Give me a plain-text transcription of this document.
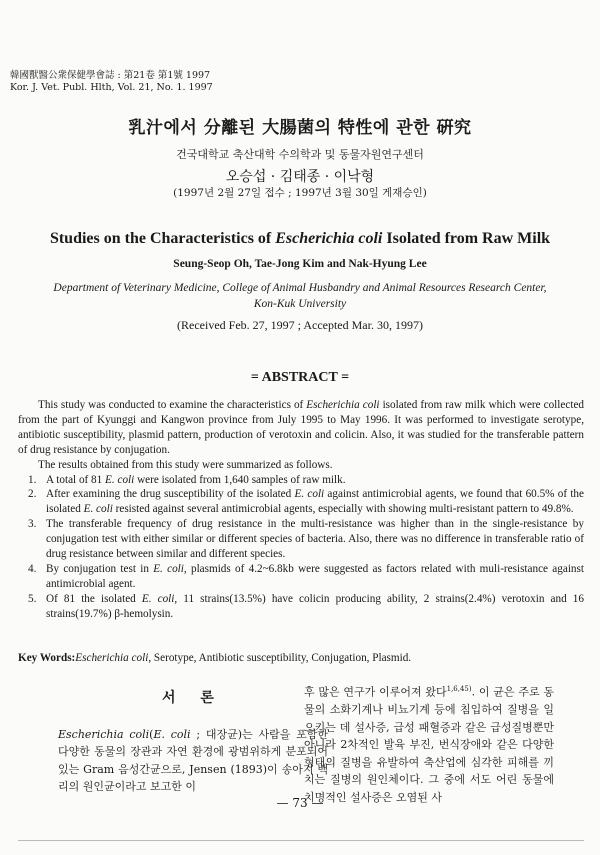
韓國獸醫公衆保健學會誌 : 第21卷 第1號 1997
Kor. J. Vet. Publ. Hlth, Vol. 21, No. 1. 1997
乳汁에서 分離된 大腸菌의 特性에 관한 硏究
건국대학교 축산대학 수의학과 및 동물자원연구센터
오승섭 · 김태종 · 이낙형
(1997년 2월 27일 접수 ; 1997년 3월 30일 게재승인)
Studies on the Characteristics of Escherichia coli Isolated from Raw Milk
Seung-Seop Oh, Tae-Jong Kim and Nak-Hyung Lee
Department of Veterinary Medicine, College of Animal Husbandry and Animal Resources Research Center,
Kon-Kuk University
(Received Feb. 27, 1997 ; Accepted Mar. 30, 1997)
= ABSTRACT =

This study was conducted to examine the characteristics of Escherichia coli isolated from raw milk which were collected from the part of Kyunggi and Kangwon province from July 1995 to May 1996. It was performed to investigate serotype, antibiotic susceptibility, plasmid pattern, production of verotoxin and colicin. Also, it was studied for the transferable pattern of drug resistance by conjugation.

The results obtained from this study were summarized as follows.

1. A total of 81 E. coli were isolated from 1,640 samples of raw milk.
2. After examining the drug susceptibility of the isolated E. coli against antimicrobial agents, we found that 60.5% of the isolated E. coli resisted against several antimicrobial agents, especially with showing multi-resistant pattern to 49.8%.
3. The transferable frequency of drug resistance in the multi-resistance was higher than in the single-resistance by conjugation test with either similar or different species of bacteria. Also, there was no difference in transferable ratio of drug resistance between similar and different species.
4. By conjugation test in E. coli, plasmids of 4.2~6.8kb were suggested as factors related with muli-resistance against antimicrobial agent.
5. Of 81 the isolated E. coli, 11 strains(13.5%) have colicin producing ability, 2 strains(2.4%) verotoxin and 16 strains(19.7%) β-hemolysin.
Key Words:Escherichia coli, Serotype, Antibiotic susceptibility, Conjugation, Plasmid.
서 론

Escherichia coli(E. coli ; 대장균)는 사람을 포함한 다양한 동물의 장관과 자연 환경에 광범위하게 분포되어 있는 Gram 음성간균으로, Jensen (1893)이 송아지 백리의 원인균이라고 보고한 이

후 많은 연구가 이루어져 왔다$^{1,6,45)}$. 이 균은 주로 동물의 소화기계나 비뇨기계 등에 침입하여 질병을 일으키는 데 설사증, 급성 패혈증과 같은 급성질병뿐만 아니라 2차적인 발육 부진, 번식장애와 같은 다양한 형태의 질병을 유발하여 축산업에 심각한 피해를 끼치는 질병의 원인체이다. 그 중에 서도 어린 동물에 치명적인 설사증은 오염된 사

— 73 —
